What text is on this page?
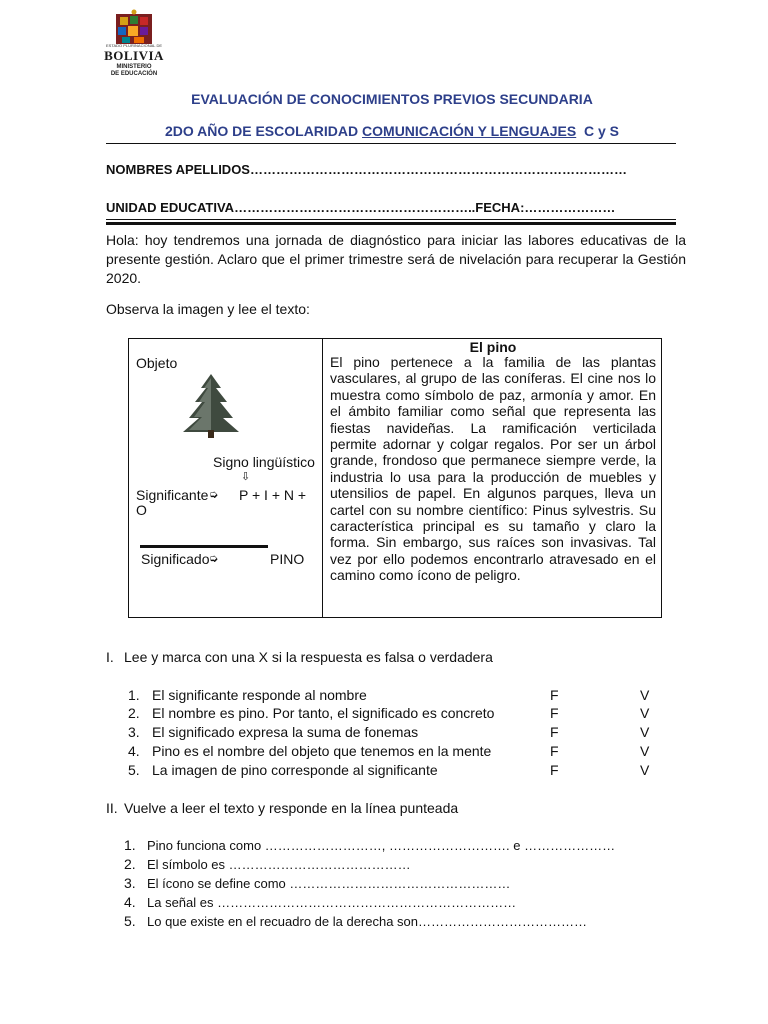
ESTADO PLURINACIONAL DE
BOLIVIA
MINISTERIO
DE EDUCACIÓN
EVALUACIÓN DE CONOCIMIENTOS PREVIOS SECUNDARIA
2DO AÑO DE ESCOLARIDAD COMUNICACIÓN Y LENGUAJES  C y S
NOMBRES APELLIDOS……………………………………………………………………………
UNIDAD EDUCATIVA………………………………………………..FECHA:…………………
Hola: hoy tendremos una jornada de diagnóstico para iniciar las labores educativas de la presente gestión. Aclaro que el primer trimestre será de nivelación para recuperar la Gestión 2020.
Observa la imagen y lee el texto:
Objeto
Signo lingüístico
⇩
Significante ➭ P + I + N +
O
Significado ➭	PINO
El pino
El pino pertenece a la familia de las plantas vasculares, al grupo de las coníferas. El cine nos lo muestra como símbolo de paz, armonía y amor. En el ámbito familiar como señal que representa las fiestas navideñas. La ramificación verticilada permite adornar y colgar regalos. Por ser un árbol grande, frondoso que permanece siempre verde, la industria lo usa para la producción de muebles y utensilios de papel. En algunos parques, lleva un cartel con su nombre científico: Pinus sylvestris. Su característica principal es su tamaño y claro la forma. Sin embargo, sus raíces son invasivas. Tal vez por ello podemos encontrarlo atravesado en el camino como ícono de peligro.
I. Lee y marca con una X si la respuesta es falsa o verdadera
1. El significante responde al nombre	F	V
2. El nombre es pino. Por tanto, el significado es concreto	F	V
3. El significado expresa la suma de fonemas	F	V
4. Pino es el nombre del objeto que tenemos en la mente	F	V
5. La imagen de pino corresponde al significante	F	V
II. Vuelve a leer el texto y responde en la línea punteada
1. Pino funciona como ………………………, ………………………. e …………………
2. El símbolo es ……………………………………
3. El ícono se define como ……………………………………………
4. La señal es ……………………………………………………………
5. Lo que existe en el recuadro de la derecha son…………………………………
